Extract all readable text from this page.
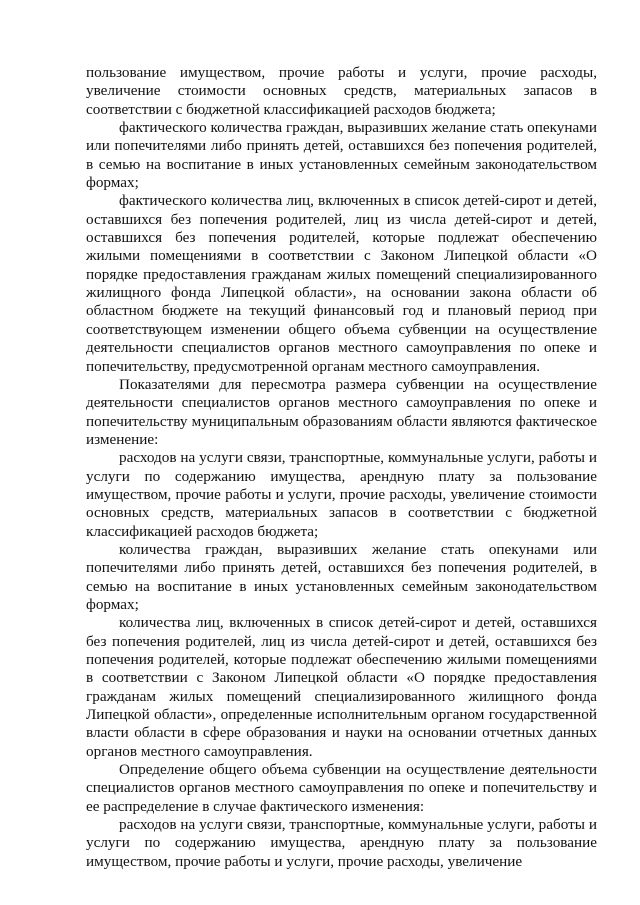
пользование имуществом, прочие работы и услуги, прочие расходы, увеличение стоимости основных средств, материальных запасов в соответствии с бюджетной классификацией расходов бюджета;

фактического количества граждан, выразивших желание стать опекунами или попечителями либо принять детей, оставшихся без попечения родителей, в семью на воспитание в иных установленных семейным законодательством формах;

фактического количества лиц, включенных в список детей-сирот и детей, оставшихся без попечения родителей, лиц из числа детей-сирот и детей, оставшихся без попечения родителей, которые подлежат обеспечению жилыми помещениями в соответствии с Законом Липецкой области «О порядке предоставления гражданам жилых помещений специализированного жилищного фонда Липецкой области», на основании закона области об областном бюджете на текущий финансовый год и плановый период при соответствующем изменении общего объема субвенции на осуществление деятельности специалистов органов местного самоуправления по опеке и попечительству, предусмотренной органам местного самоуправления.

Показателями для пересмотра размера субвенции на осуществление деятельности специалистов органов местного самоуправления по опеке и попечительству муниципальным образованиям области являются фактическое изменение:

расходов на услуги связи, транспортные, коммунальные услуги, работы и услуги по содержанию имущества, арендную плату за пользование имуществом, прочие работы и услуги, прочие расходы, увеличение стоимости основных средств, материальных запасов в соответствии с бюджетной классификацией расходов бюджета;

количества граждан, выразивших желание стать опекунами или попечителями либо принять детей, оставшихся без попечения родителей, в семью на воспитание в иных установленных семейным законодательством формах;

количества лиц, включенных в список детей-сирот и детей, оставшихся без попечения родителей, лиц из числа детей-сирот и детей, оставшихся без попечения родителей, которые подлежат обеспечению жилыми помещениями в соответствии с Законом Липецкой области «О порядке предоставления гражданам жилых помещений специализированного жилищного фонда Липецкой области», определенные исполнительным органом государственной власти области в сфере образования и науки на основании отчетных данных органов местного самоуправления.

Определение общего объема субвенции на осуществление деятельности специалистов органов местного самоуправления по опеке и попечительству и ее распределение в случае фактического изменения:

расходов на услуги связи, транспортные, коммунальные услуги, работы и услуги по содержанию имущества, арендную плату за пользование имуществом, прочие работы и услуги, прочие расходы, увеличение
